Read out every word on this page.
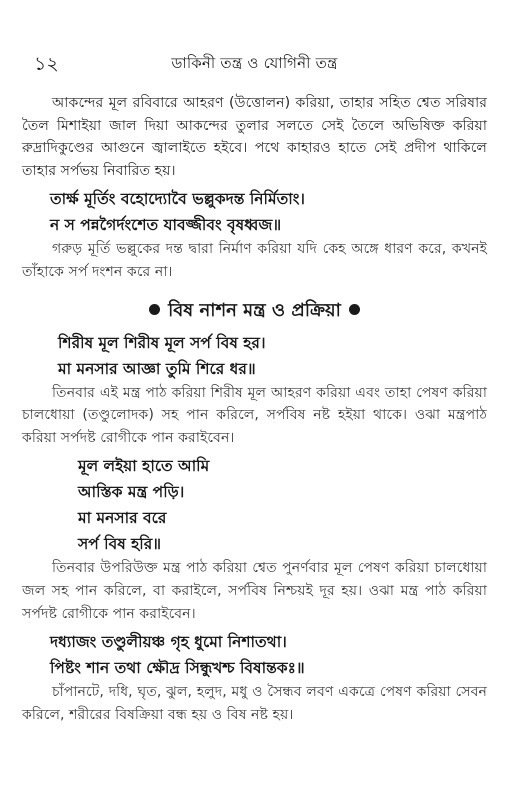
১২	ডাকিনী তন্ত্র ও যোগিনী তন্ত্র

আকন্দের মূল রবিবারে আহরণ (উত্তোলন) করিয়া, তাহার সহিত শ্বেত সরিষার তৈল মিশাইয়া জাল দিয়া আকন্দের তুলার সলতে সেই তৈলে অভিষিক্ত করিয়া রুদ্রাদিকুণ্ডের আগুনে জ্বালাইতে হইবে। পথে কাহারও হাতে সেই প্রদীপ থাকিলে তাহার সর্পভয় নিবারিত হয়।

তার্ক্ষ মূর্তিং বহোদ্যোবৈ ভল্লুকদন্ত নির্মিতাং।
ন স পন্নগৈর্দংশেত যাবজ্জীবং বৃষধ্বজ॥

গরুড় মূর্তি ভল্লুকের দন্ত দ্বারা নির্মাণ করিয়া যদি কেহ অঙ্গে ধারণ করে, কখনই তাঁহাকে সর্প দংশন করে না।

বিষ নাশন মন্ত্র ও প্রক্রিয়া
শিরীষ মূল শিরীষ মূল সর্প বিষ হর।
মা মনসার আজ্ঞা তুমি শিরে ধর॥

তিনবার এই মন্ত্র পাঠ করিয়া শিরীষ মূল আহরণ করিয়া এবং তাহা পেষণ করিয়া চালধোয়া (তণ্ডুলোদক) সহ পান করিলে, সর্পবিষ নষ্ট হইয়া থাকে। ওঝা মন্ত্রপাঠ করিয়া সর্পদষ্ট রোগীকে পান করাইবেন।

মূল লইয়া হাতে আমি
আস্তিক মন্ত্র পড়ি।
মা মনসার বরে
সর্প বিষ হরি॥

তিনবার উপরিউক্ত মন্ত্র পাঠ করিয়া শ্বেত পুনর্ণবার মূল পেষণ করিয়া চালধোয়া জল সহ পান করিলে, বা করাইলে, সর্পবিষ নিশ্চয়ই দূর হয়। ওঝা মন্ত্র পাঠ করিয়া সর্পদষ্ট রোগীকে পান করাইবেন।

দধ্যাজং তণ্ডুলীয়ঞ্চ গৃহ ধুমো নিশাতথা।
পিষ্টং শান তথা ক্ষৌদ্র সিন্ধুখশ্চ বিষান্তকঃ॥

চাঁপানটে, দধি, ঘৃত, ঝুল, হলুদ, মধু ও সৈন্ধব লবণ একত্রে পেষণ করিয়া সেবন করিলে, শরীরের বিষক্রিয়া বন্ধ হয় ও বিষ নষ্ট হয়।
